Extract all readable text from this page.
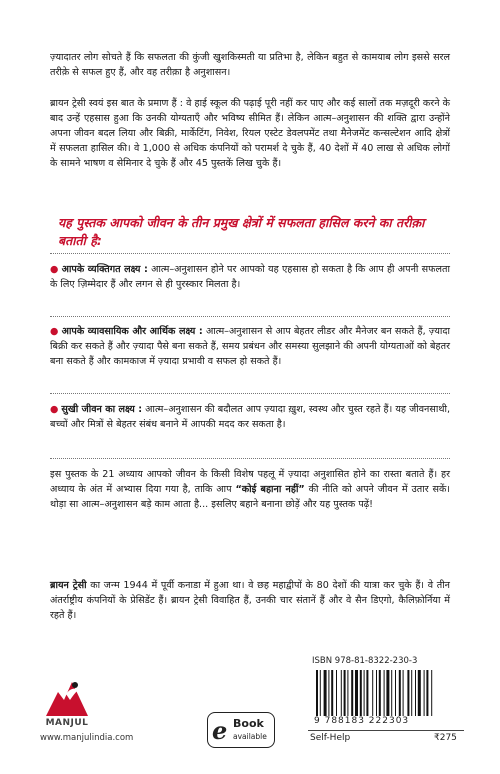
ज़्यादातर लोग सोचते हैं कि सफलता की कुंजी खुशकिस्मती या प्रतिभा है, लेकिन बहुत से कामयाब लोग इससे सरल तरीक़े से सफल हुए हैं, और वह तरीक़ा है अनुशासन।

ब्रायन ट्रेसी स्वयं इस बात के प्रमाण हैं : वे हाई स्कूल की पढ़ाई पूरी नहीं कर पाए और कई सालों तक मज़दूरी करने के बाद उन्हें एहसास हुआ कि उनकी योग्यताएँ और भविष्य सीमित हैं। लेकिन आत्म–अनुशासन की शक्ति द्वारा उन्होंने अपना जीवन बदल लिया और बिक्री, मार्केटिंग, निवेश, रियल एस्टेट डेवलपमेंट तथा मैनेजमेंट कन्सल्टेशन आदि क्षेत्रों में सफलता हासिल की। वे 1,000 से अधिक कंपनियों को परामर्श दे चुके हैं, 40 देशों में 40 लाख से अधिक लोगों के सामने भाषण व सेमिनार दे चुके हैं और 45 पुस्तकें लिख चुके हैं।

यह पुस्तक आपको जीवन के तीन प्रमुख क्षेत्रों में सफलता हासिल करने का तरीक़ा बताती है:

● आपके व्यक्तिगत लक्ष्य : आत्म–अनुशासन होने पर आपको यह एहसास हो सकता है कि आप ही अपनी सफलता के लिए ज़िम्मेदार हैं और लगन से ही पुरस्कार मिलता है।
● आपके व्यावसायिक और आर्थिक लक्ष्य : आत्म–अनुशासन से आप बेहतर लीडर और मैनेजर बन सकते हैं, ज़्यादा बिक्री कर सकते हैं और ज़्यादा पैसे बना सकते हैं, समय प्रबंधन और समस्या सुलझाने की अपनी योग्यताओं को बेहतर बना सकते हैं और कामकाज में ज़्यादा प्रभावी व सफल हो सकते हैं।
● सुखी जीवन का लक्ष्य : आत्म–अनुशासन की बदौलत आप ज़्यादा ख़ुश, स्वस्थ और चुस्त रहते हैं। यह जीवनसाथी, बच्चों और मित्रों से बेहतर संबंध बनाने में आपकी मदद कर सकता है।

इस पुस्तक के 21 अध्याय आपको जीवन के किसी विशेष पहलू में ज़्यादा अनुशासित होने का रास्ता बताते हैं। हर अध्याय के अंत में अभ्यास दिया गया है, ताकि आप “कोई बहाना नहीं” की नीति को अपने जीवन में उतार सकें। थोड़ा सा आत्म–अनुशासन बड़े काम आता है... इसलिए बहाने बनाना छोड़ें और यह पुस्तक पढ़ें!

ब्रायन ट्रेसी का जन्म 1944 में पूर्वी कनाडा में हुआ था। वे छह महाद्वीपों के 80 देशों की यात्रा कर चुके हैं। वे तीन अंतर्राष्ट्रीय कंपनियों के प्रेसिडेंट हैं। ब्रायन ट्रेसी विवाहित हैं, उनकी चार संतानें हैं और वे सैन डिएगो, कैलिफ़ोर्निया में रहते हैं।

MANJUL
www.manjulindia.com	e Book
available
ISBN 978-81-8322-230-3
9 788183 222303
Self-Help	₹275
